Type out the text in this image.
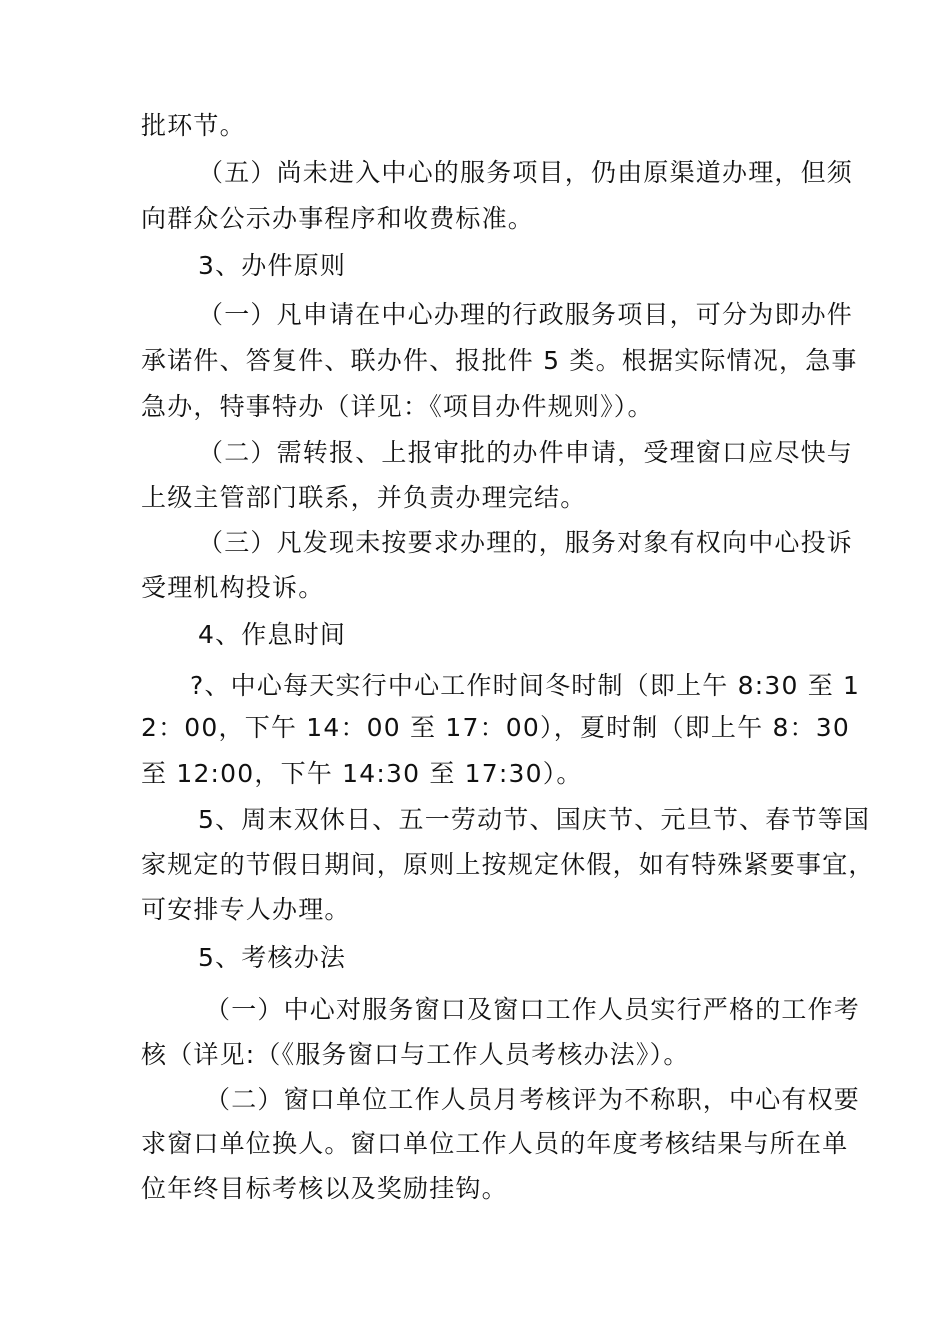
批环节。
（五）尚未进入中心的服务项目，仍由原渠道办理，但须
向群众公示办事程序和收费标准。
3、办件原则
（一）凡申请在中心办理的行政服务项目，可分为即办件
承诺件、答复件、联办件、报批件 5 类。根据实际情况，急事
急办，特事特办（详见：《项目办件规则》）。
（二）需转报、上报审批的办件申请，受理窗口应尽快与
上级主管部门联系，并负责办理完结。
（三）凡发现未按要求办理的，服务对象有权向中心投诉
受理机构投诉。
4、作息时间
?、中心每天实行中心工作时间冬时制（即上午 8:30 至 1
2：00，下午 14：00 至 17：00），夏时制（即上午 8：30
至 12:00，下午 14:30 至 17:30）。
5、周末双休日、五一劳动节、国庆节、元旦节、春节等国
家规定的节假日期间，原则上按规定休假，如有特殊紧要事宜，
可安排专人办理。
5、考核办法
（一）中心对服务窗口及窗口工作人员实行严格的工作考
核（详见:（《服务窗口与工作人员考核办法》）。
（二）窗口单位工作人员月考核评为不称职，中心有权要
求窗口单位换人。窗口单位工作人员的年度考核结果与所在单
位年终目标考核以及奖励挂钩。
